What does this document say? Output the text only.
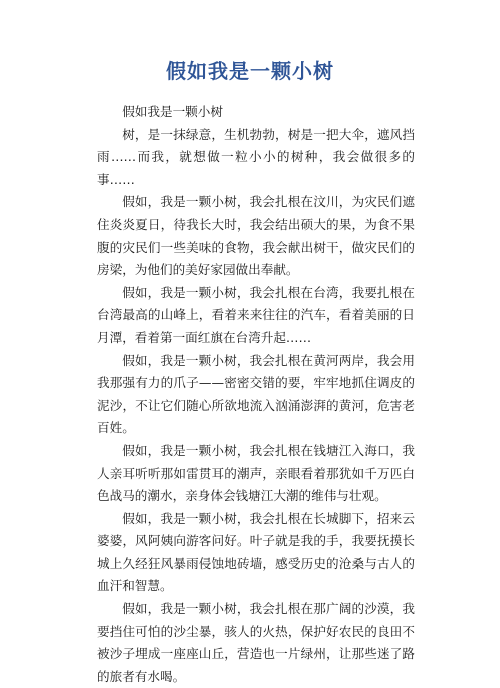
假如我是一颗小树

假如我是一颗小树

树，是一抹绿意，生机勃勃，树是一把大伞，遮风挡雨……而我，就想做一粒小小的树种，我会做很多的事……

假如，我是一颗小树，我会扎根在汶川，为灾民们遮住炎炎夏日，待我长大时，我会结出硕大的果，为食不果腹的灾民们一些美味的食物，我会献出树干，做灾民们的房梁，为他们的美好家园做出奉献。

假如，我是一颗小树，我会扎根在台湾，我要扎根在台湾最高的山峰上，看着来来往往的汽车，看着美丽的日月潭，看着第一面红旗在台湾升起……

假如，我是一颗小树，我会扎根在黄河两岸，我会用我那强有力的爪子——密密交错的要，牢牢地抓住调皮的泥沙，不让它们随心所欲地流入汹涌澎湃的黄河，危害老百姓。

假如，我是一颗小树，我会扎根在钱塘江入海口，我人亲耳听听那如雷贯耳的潮声，亲眼看着那犹如千万匹白色战马的潮水，亲身体会钱塘江大潮的维伟与壮观。

假如，我是一颗小树，我会扎根在长城脚下，招来云婆婆，风阿姨向游客问好。叶子就是我的手，我要抚摸长城上久经狂风暴雨侵蚀地砖墙，感受历史的沧桑与古人的血汗和智慧。

假如，我是一颗小树，我会扎根在那广阔的沙漠，我要挡住可怕的沙尘暴，骇人的火热，保护好农民的良田不被沙子埋成一座座山丘，营造也一片绿州，让那些迷了路的旅者有水喝。
